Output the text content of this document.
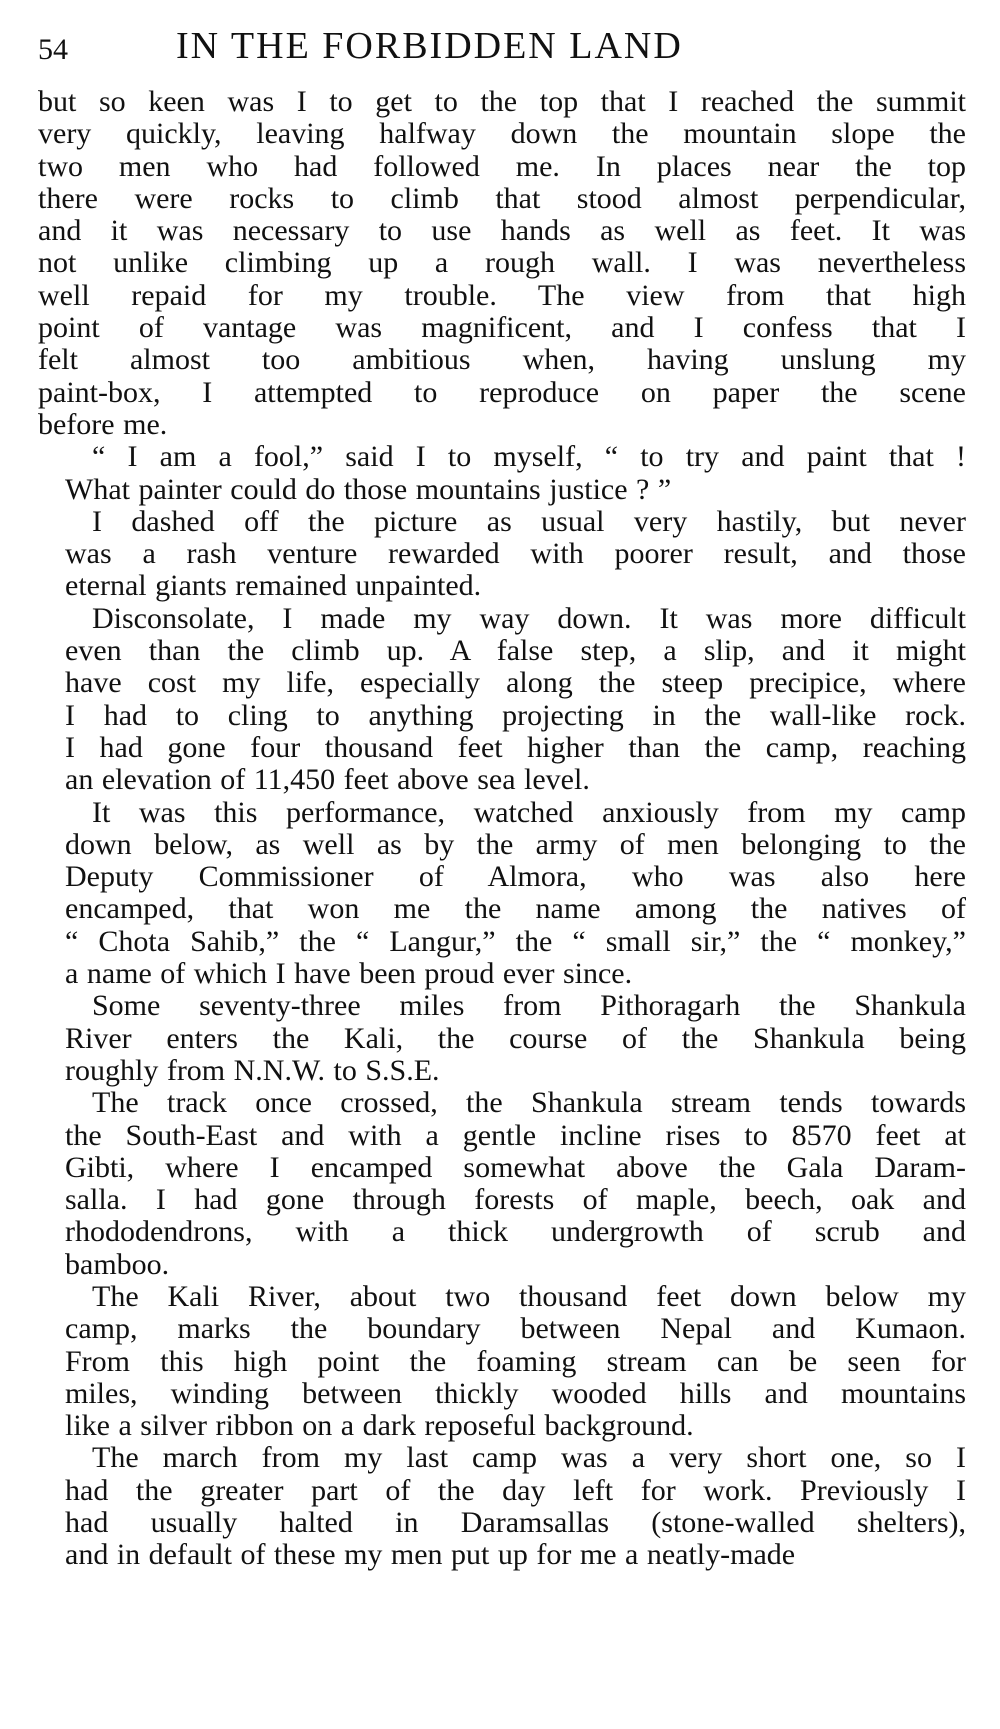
54	IN THE FORBIDDEN LAND
but so keen was I to get to the top that I reached the summit
very quickly, leaving halfway down the mountain slope the
two men who had followed me. In places near the top
there were rocks to climb that stood almost perpendicular,
and it was necessary to use hands as well as feet. It was
not unlike climbing up a rough wall. I was nevertheless
well repaid for my trouble. The view from that high
point of vantage was magnificent, and I confess that I
felt almost too ambitious when, having unslung my
paint-box, I attempted to reproduce on paper the scene
before me.
“ I am a fool,” said I to myself, “ to try and paint that !
What painter could do those mountains justice ? ”
I dashed off the picture as usual very hastily, but never
was a rash venture rewarded with poorer result, and those
eternal giants remained unpainted.
Disconsolate, I made my way down. It was more difficult
even than the climb up. A false step, a slip, and it might
have cost my life, especially along the steep precipice, where
I had to cling to anything projecting in the wall-like rock.
I had gone four thousand feet higher than the camp, reaching
an elevation of 11,450 feet above sea level.
It was this performance, watched anxiously from my camp
down below, as well as by the army of men belonging to the
Deputy Commissioner of Almora, who was also here
encamped, that won me the name among the natives of
“ Chota Sahib,” the “ Langur,” the “ small sir,” the “ monkey,”
a name of which I have been proud ever since.
Some seventy-three miles from Pithoragarh the Shankula
River enters the Kali, the course of the Shankula being
roughly from N.N.W. to S.S.E.
The track once crossed, the Shankula stream tends towards
the South-East and with a gentle incline rises to 8570 feet at
Gibti, where I encamped somewhat above the Gala Daram-
salla. I had gone through forests of maple, beech, oak and
rhododendrons, with a thick undergrowth of scrub and
bamboo.
The Kali River, about two thousand feet down below my
camp, marks the boundary between Nepal and Kumaon.
From this high point the foaming stream can be seen for
miles, winding between thickly wooded hills and mountains
like a silver ribbon on a dark reposeful background.
The march from my last camp was a very short one, so I
had the greater part of the day left for work. Previously I
had usually halted in Daramsallas (stone-walled shelters),
and in default of these my men put up for me a neatly-made
